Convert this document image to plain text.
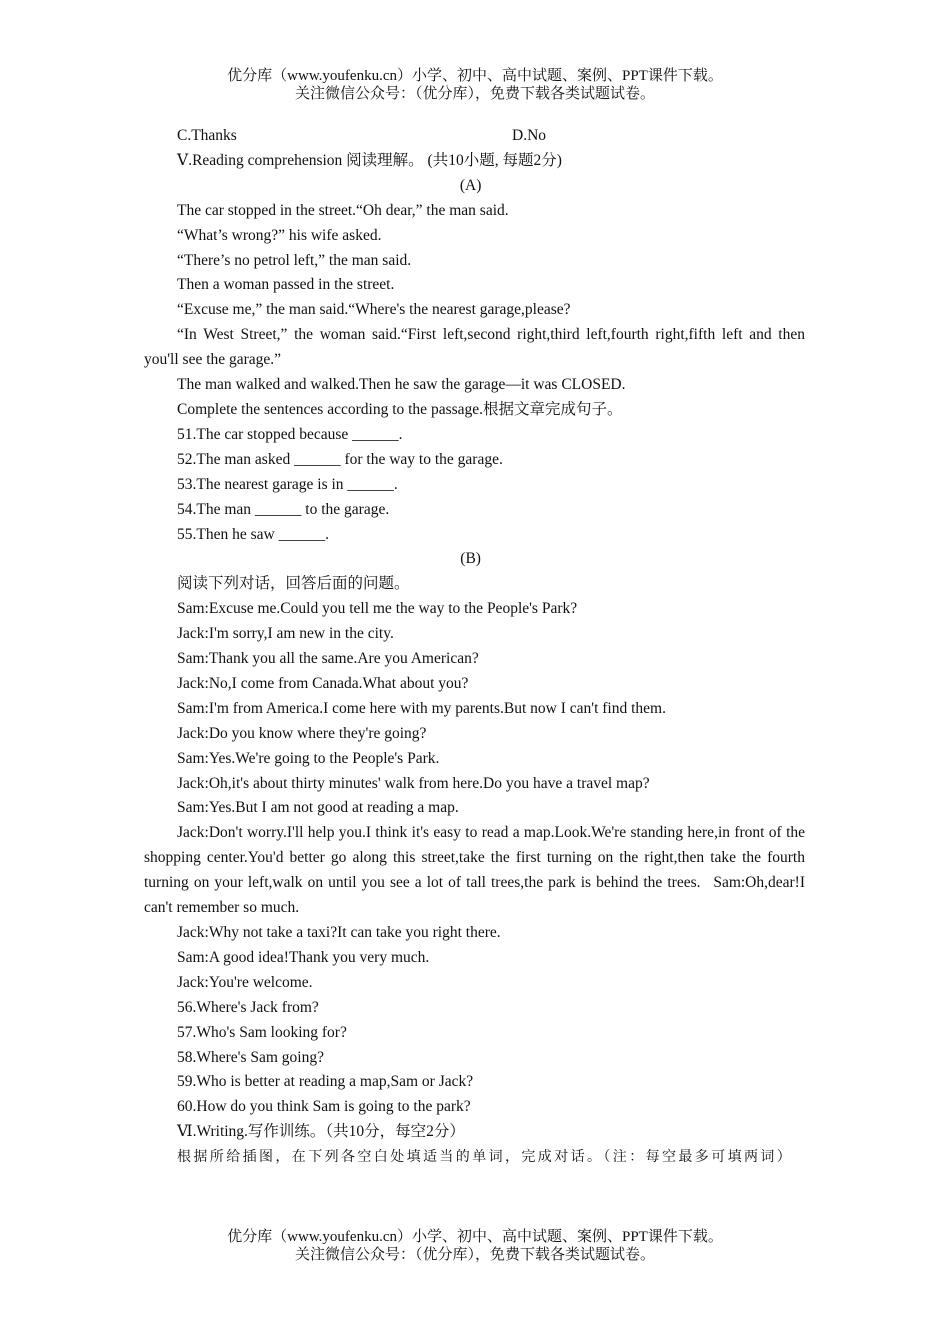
优分库（www.youfenku.cn）小学、初中、高中试题、案例、PPT课件下载。
关注微信公众号：（优分库），免费下载各类试题试卷。
C.Thanks	D.No 

Ⅴ.Reading comprehension 阅读理解。 (共10小题, 每题2分) 

(A) 

The car stopped in the street.“Oh dear,” the man said. 

“What’s wrong?” his wife asked. 

“There’s no petrol left,” the man said. 

Then a woman passed in the street. 

“Excuse me,” the man said.“Where's the nearest garage,please? 

“In West Street,” the woman said.“First left,second right,third left,fourth right,fifth left and then you'll see the garage.” 

The man walked and walked.Then he saw the garage—it was CLOSED. 

Complete the sentences according to the passage.根据文章完成句子。

51.The car stopped because ______. 

52.The man asked ______ for the way to the garage. 

53.The nearest garage is in ______. 

54.The man ______ to the garage. 

55.Then he saw ______.

(B) 

阅读下列对话，回答后面的问题。

Sam:Excuse me.Could you tell me the way to the People's Park? 

Jack:I'm sorry,I am new in the city. 

Sam:Thank you all the same.Are you American? 

Jack:No,I come from Canada.What about you? 

Sam:I'm from America.I come here with my parents.But now I can't find them. 

Jack:Do you know where they're going? 

Sam:Yes.We're going to the People's Park. 

Jack:Oh,it's about thirty minutes' walk from here.Do you have a travel map? 

Sam:Yes.But I am not good at reading a map. 

Jack:Don't worry.I'll help you.I think it's easy to read a map.Look.We're standing here,in front of the shopping center.You'd better go along this street,take the first turning on the right,then take the fourth turning on your left,walk on until you see a lot of tall trees,the park is behind the trees.  Sam:Oh,dear!I can't remember so much. 

Jack:Why not take a taxi?It can take you right there. 

Sam:A good idea!Thank you very much. 

Jack:You're welcome. 

56.Where's Jack from? 

57.Who's Sam looking for? 

58.Where's Sam going? 

59.Who is better at reading a map,Sam or Jack? 

60.How do you think Sam is going to the park? 

Ⅵ.Writing.写作训练。（共10分，每空2分）

根据所给插图，在下列各空白处填适当的单词，完成对话。（注：每空最多可填两词）

优分库（www.youfenku.cn）小学、初中、高中试题、案例、PPT课件下载。
关注微信公众号：（优分库），免费下载各类试题试卷。
